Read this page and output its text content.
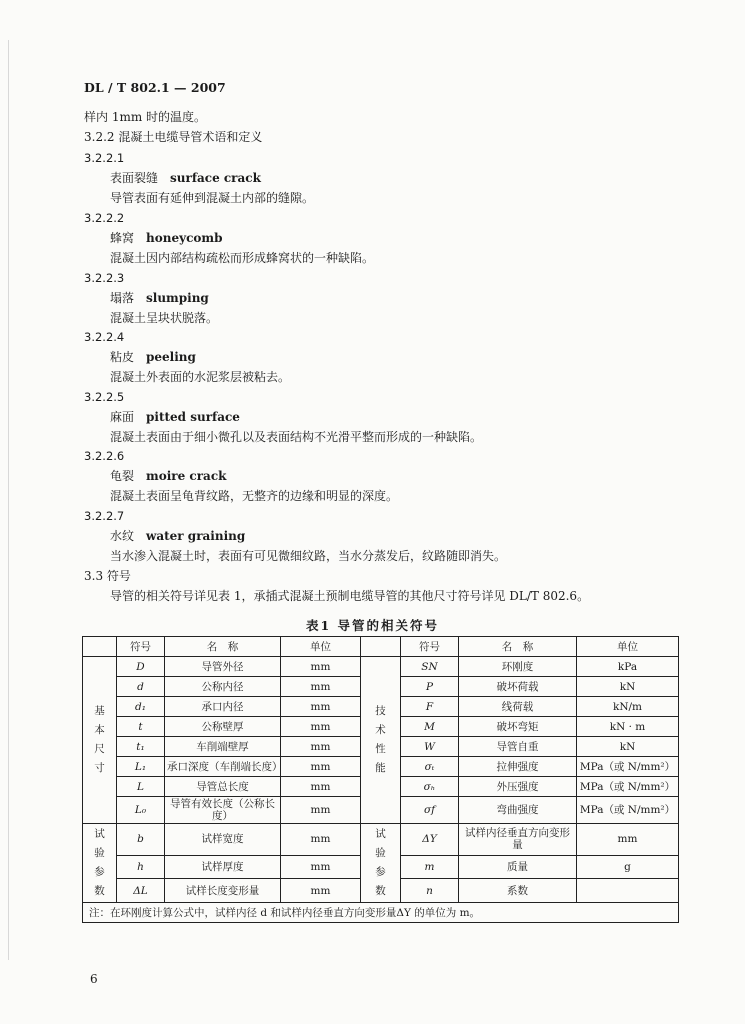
DL / T 802.1 — 2007
样内 1mm 时的温度。
3.2.2 混凝土电缆导管术语和定义
3.2.2.1
表面裂缝 surface crack
导管表面有延伸到混凝土内部的缝隙。
3.2.2.2
蜂窝 honeycomb
混凝土因内部结构疏松而形成蜂窝状的一种缺陷。
3.2.2.3
塌落 slumping
混凝土呈块状脱落。
3.2.2.4
粘皮 peeling
混凝土外表面的水泥浆层被粘去。
3.2.2.5
麻面 pitted surface
混凝土表面由于细小微孔以及表面结构不光滑平整而形成的一种缺陷。
3.2.2.6
龟裂 moire crack
混凝土表面呈龟背纹路，无整齐的边缘和明显的深度。
3.2.2.7
水纹 water graining
当水渗入混凝土时，表面有可见微细纹路，当水分蒸发后，纹路随即消失。
3.3 符号
导管的相关符号详见表 1，承插式混凝土预制电缆导管的其他尺寸符号详见 DL/T 802.6。
表1 导管的相关符号
	符号	名　称	单位		符号	名　称	单位
基本尺寸	D	导管外径	mm	技术性能	SN	环刚度	kPa
	d	公称内径	mm		P	破坏荷载	kN
	d₁	承口内径	mm		F	线荷载	kN/m
	t	公称壁厚	mm		M	破坏弯矩	kN · m
	t₁	车削端壁厚	mm		W	导管自重	kN
	L₁	承口深度（车削端长度）	mm		σₜ	拉伸强度	MPa（或 N/mm²）
	L	导管总长度	mm		σₕ	外压强度	MPa（或 N/mm²）
	L₀	导管有效长度（公称长度）	mm		σf	弯曲强度	MPa（或 N/mm²）
试验参数	b	试样宽度	mm	试验参数	ΔY	试样内径垂直方向变形量	mm
	h	试样厚度	mm		m	质量	g
	ΔL	试样长度变形量	mm		n	系数	
注：在环刚度计算公式中，试样内径 d 和试样内径垂直方向变形量ΔY 的单位为 m。							
6
